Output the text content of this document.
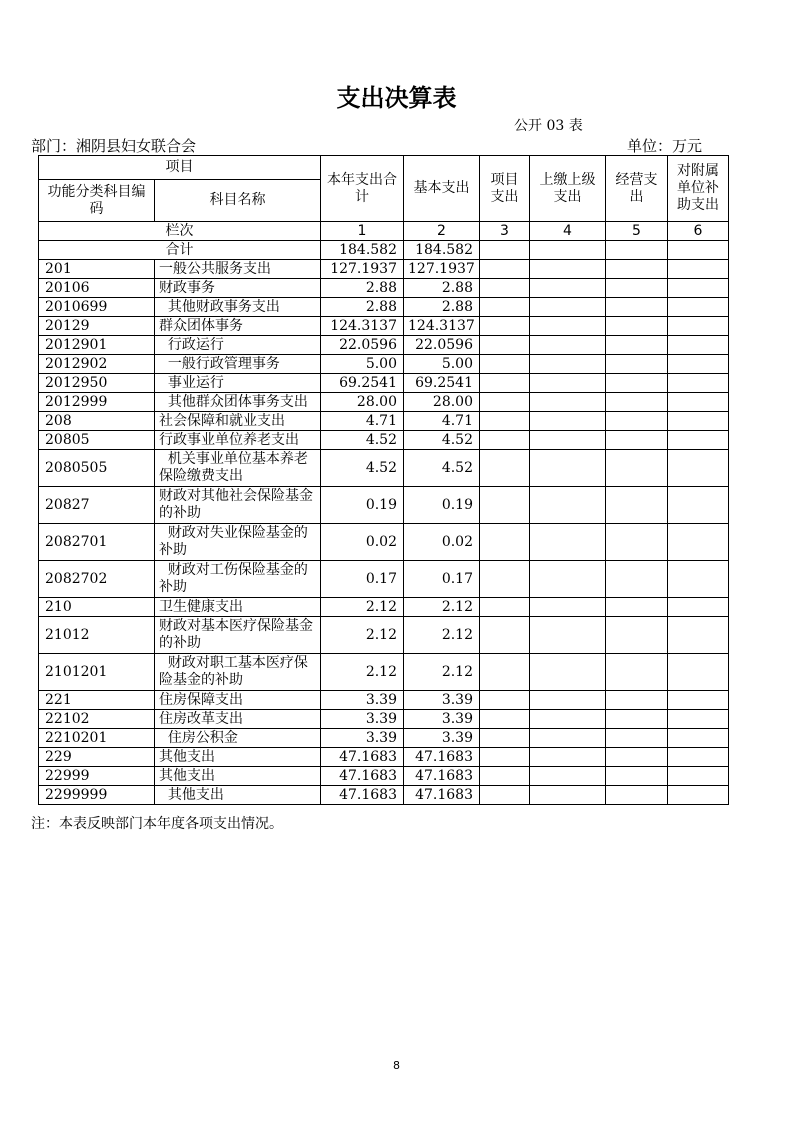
支出决算表
公开 03 表
部门：湘阴县妇女联合会	单位：万元
项目		本年支出合计	基本支出	项目支出	上缴上级支出	经营支出	对附属单位补助支出
功能分类科目编码	科目名称						
栏次		1	2	3	4	5	6
合计		184.582	184.582				
201	一般公共服务支出	127.1937	127.1937				
20106	财政事务	2.88	2.88				
2010699	其他财政事务支出	2.88	2.88				
20129	群众团体事务	124.3137	124.3137				
2012901	行政运行	22.0596	22.0596				
2012902	一般行政管理事务	5.00	5.00				
2012950	事业运行	69.2541	69.2541				
2012999	其他群众团体事务支出	28.00	28.00				
208	社会保障和就业支出	4.71	4.71				
20805	行政事业单位养老支出	4.52	4.52				
2080505	机关事业单位基本养老保险缴费支出	4.52	4.52				
20827	财政对其他社会保险基金的补助	0.19	0.19				
2082701	财政对失业保险基金的补助	0.02	0.02				
2082702	财政对工伤保险基金的补助	0.17	0.17				
210	卫生健康支出	2.12	2.12				
21012	财政对基本医疗保险基金的补助	2.12	2.12				
2101201	财政对职工基本医疗保险基金的补助	2.12	2.12				
221	住房保障支出	3.39	3.39				
22102	住房改革支出	3.39	3.39				
2210201	住房公积金	3.39	3.39				
229	其他支出	47.1683	47.1683				
22999	其他支出	47.1683	47.1683				
2299999	其他支出	47.1683	47.1683				
注：本表反映部门本年度各项支出情况。
8
